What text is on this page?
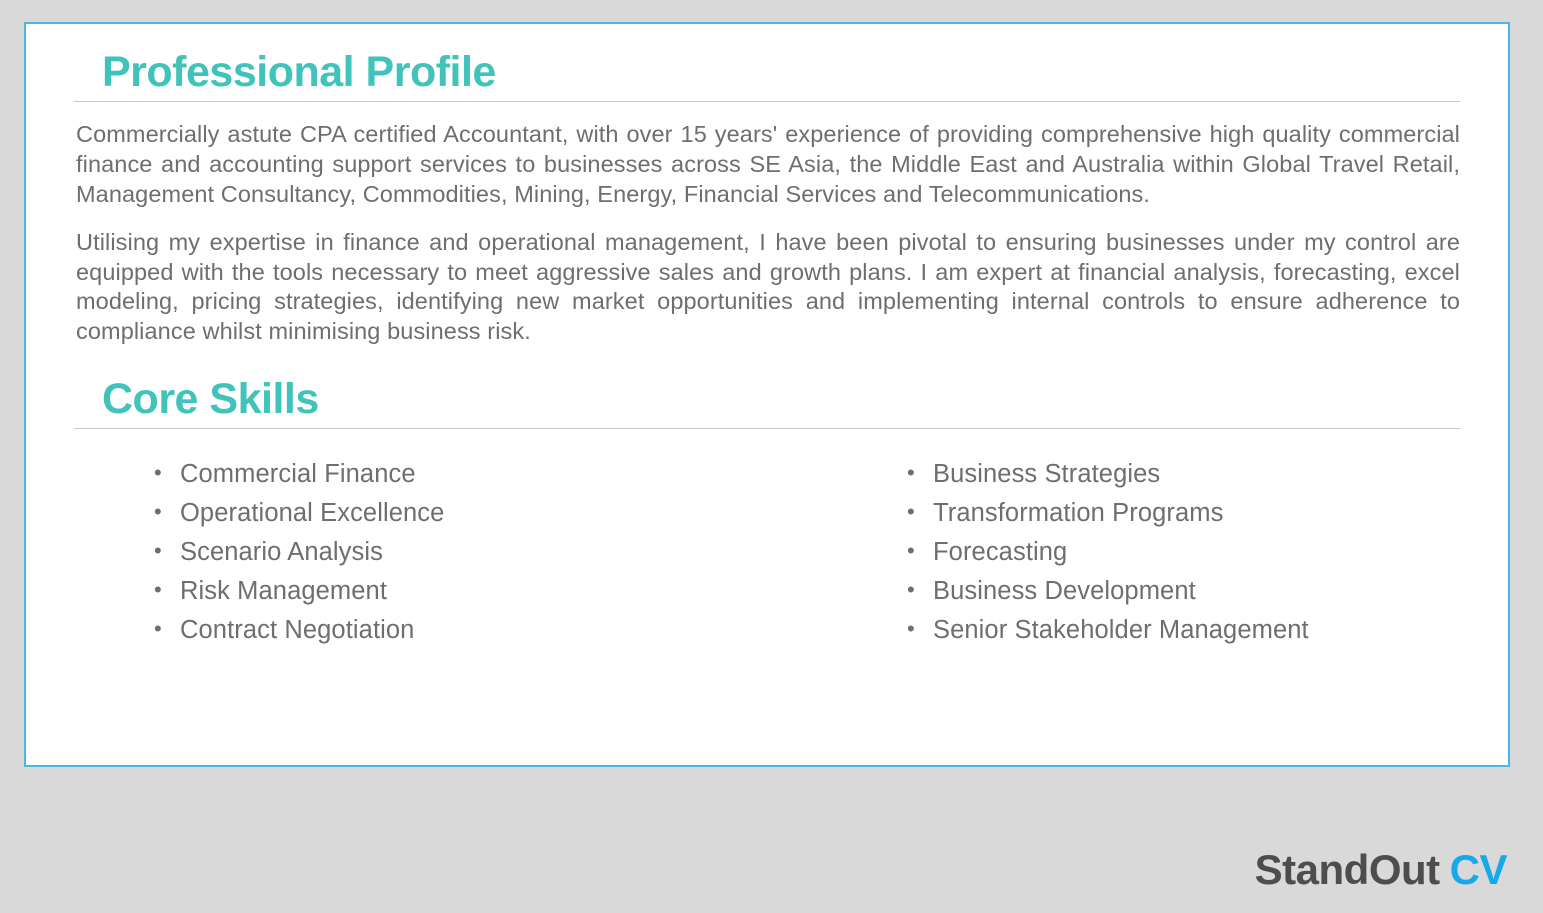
Professional Profile

Commercially astute CPA certified Accountant, with over 15 years' experience of providing comprehensive high quality commercial finance and accounting support services to businesses across SE Asia, the Middle East and Australia within Global Travel Retail, Management Consultancy, Commodities, Mining, Energy, Financial Services and Telecommunications.

Utilising my expertise in finance and operational management, I have been pivotal to ensuring businesses under my control are equipped with the tools necessary to meet aggressive sales and growth plans. I am expert at financial analysis, forecasting, excel modeling, pricing strategies, identifying new market opportunities and implementing internal controls to ensure adherence to compliance whilst minimising business risk.

Core Skills
• Commercial Finance
• Operational Excellence
• Scenario Analysis
• Risk Management
• Contract Negotiation
• Business Strategies
• Transformation Programs
• Forecasting
• Business Development
• Senior Stakeholder Management
StandOut CV
